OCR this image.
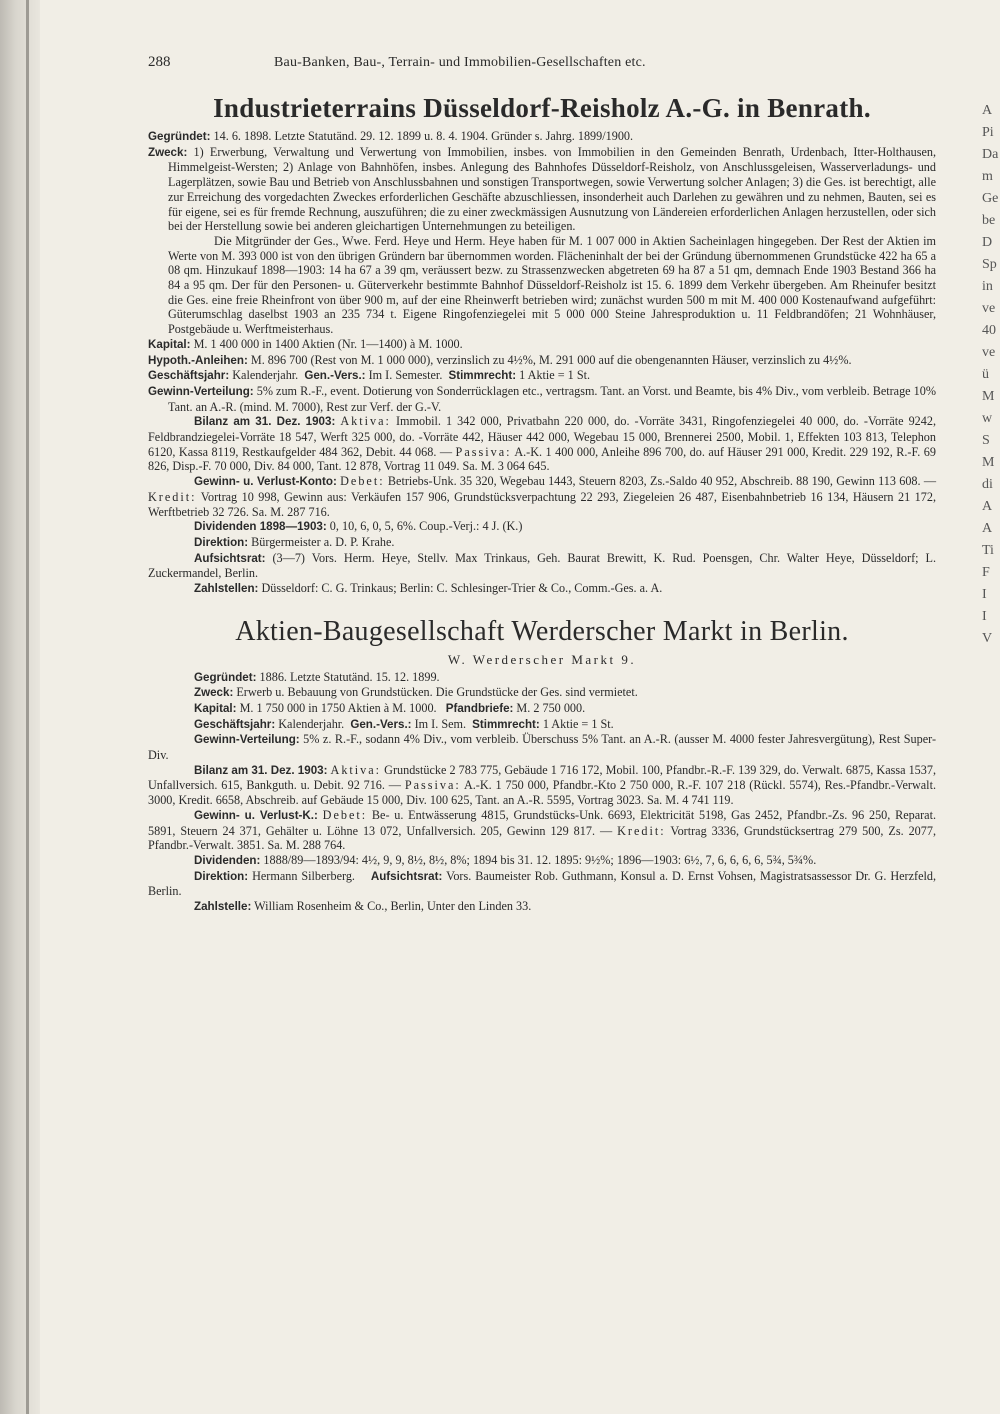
A
Pi
Da
m
Ge
be
D
Sp
in
ve
40
ve
ü
M
w
S
M
di
A
A
Ti
F
I
I
V
288	Bau-Banken, Bau-, Terrain- und Immobilien-Gesellschaften etc.
Industrieterrains Düsseldorf-Reisholz A.-G. in Benrath.

Gegründet: 14. 6. 1898. Letzte Statutänd. 29. 12. 1899 u. 8. 4. 1904. Gründer s. Jahrg. 1899/1900.

Zweck: 1) Erwerbung, Verwaltung und Verwertung von Immobilien, insbes. von Immobilien in den Gemeinden Benrath, Urdenbach, Itter-Holthausen, Himmelgeist-Wersten; 2) Anlage von Bahnhöfen, insbes. Anlegung des Bahnhofes Düsseldorf-Reisholz, von Anschlussgeleisen, Wasserverladungs- und Lagerplätzen, sowie Bau und Betrieb von Anschlussbahnen und sonstigen Transportwegen, sowie Verwertung solcher Anlagen; 3) die Ges. ist berechtigt, alle zur Erreichung des vorgedachten Zweckes erforderlichen Geschäfte abzuschliessen, insonderheit auch Darlehen zu gewähren und zu nehmen, Bauten, sei es für eigene, sei es für fremde Rechnung, auszuführen; die zu einer zweckmässigen Ausnutzung von Ländereien erforderlichen Anlagen herzustellen, oder sich bei der Herstellung sowie bei anderen gleichartigen Unternehmungen zu beteiligen.

Die Mitgründer der Ges., Wwe. Ferd. Heye und Herm. Heye haben für M. 1 007 000 in Aktien Sacheinlagen hingegeben. Der Rest der Aktien im Werte von M. 393 000 ist von den übrigen Gründern bar übernommen worden. Flächeninhalt der bei der Gründung übernommenen Grundstücke 422 ha 65 a 08 qm. Hinzukauf 1898—1903: 14 ha 67 a 39 qm, veräussert bezw. zu Strassenzwecken abgetreten 69 ha 87 a 51 qm, demnach Ende 1903 Bestand 366 ha 84 a 95 qm. Der für den Personen- u. Güterverkehr bestimmte Bahnhof Düsseldorf-Reisholz ist 15. 6. 1899 dem Verkehr übergeben. Am Rheinufer besitzt die Ges. eine freie Rheinfront von über 900 m, auf der eine Rheinwerft betrieben wird; zunächst wurden 500 m mit M. 400 000 Kostenaufwand aufgeführt: Güterumschlag daselbst 1903 an 235 734 t. Eigene Ringofenziegelei mit 5 000 000 Steine Jahresproduktion u. 11 Feldbrandöfen; 21 Wohnhäuser, Postgebäude u. Werftmeisterhaus.

Kapital: M. 1 400 000 in 1400 Aktien (Nr. 1—1400) à M. 1000.

Hypoth.-Anleihen: M. 896 700 (Rest von M. 1 000 000), verzinslich zu 4½%, M. 291 000 auf die obengenannten Häuser, verzinslich zu 4½%.

Geschäftsjahr: Kalenderjahr. Gen.-Vers.: Im I. Semester. Stimmrecht: 1 Aktie = 1 St.

Gewinn-Verteilung: 5% zum R.-F., event. Dotierung von Sonderrücklagen etc., vertragsm. Tant. an Vorst. und Beamte, bis 4% Div., vom verbleib. Betrage 10% Tant. an A.-R. (mind. M. 7000), Rest zur Verf. der G.-V.

Bilanz am 31. Dez. 1903: Aktiva: Immobil. 1 342 000, Privatbahn 220 000, do. -Vorräte 3431, Ringofenziegelei 40 000, do. -Vorräte 9242, Feldbrandziegelei-Vorräte 18 547, Werft 325 000, do. -Vorräte 442, Häuser 442 000, Wegebau 15 000, Brennerei 2500, Mobil. 1, Effekten 103 813, Telephon 6120, Kassa 8119, Restkaufgelder 484 362, Debit. 44 068. — Passiva: A.-K. 1 400 000, Anleihe 896 700, do. auf Häuser 291 000, Kredit. 229 192, R.-F. 69 826, Disp.-F. 70 000, Div. 84 000, Tant. 12 878, Vortrag 11 049. Sa. M. 3 064 645.

Gewinn- u. Verlust-Konto: Debet: Betriebs-Unk. 35 320, Wegebau 1443, Steuern 8203, Zs.-Saldo 40 952, Abschreib. 88 190, Gewinn 113 608. — Kredit: Vortrag 10 998, Gewinn aus: Verkäufen 157 906, Grundstücksverpachtung 22 293, Ziegeleien 26 487, Eisenbahnbetrieb 16 134, Häusern 21 172, Werftbetrieb 32 726. Sa. M. 287 716.

Dividenden 1898—1903: 0, 10, 6, 0, 5, 6%. Coup.-Verj.: 4 J. (K.)

Direktion: Bürgermeister a. D. P. Krahe.

Aufsichtsrat: (3—7) Vors. Herm. Heye, Stellv. Max Trinkaus, Geh. Baurat Brewitt, K. Rud. Poensgen, Chr. Walter Heye, Düsseldorf; L. Zuckermandel, Berlin.

Zahlstellen: Düsseldorf: C. G. Trinkaus; Berlin: C. Schlesinger-Trier & Co., Comm.-Ges. a. A.

Aktien-Baugesellschaft Werderscher Markt in Berlin.
W. Werderscher Markt 9.

Gegründet: 1886. Letzte Statutänd. 15. 12. 1899.

Zweck: Erwerb u. Bebauung von Grundstücken. Die Grundstücke der Ges. sind vermietet.

Kapital: M. 1 750 000 in 1750 Aktien à M. 1000. Pfandbriefe: M. 2 750 000.

Geschäftsjahr: Kalenderjahr. Gen.-Vers.: Im I. Sem. Stimmrecht: 1 Aktie = 1 St.

Gewinn-Verteilung: 5% z. R.-F., sodann 4% Div., vom verbleib. Überschuss 5% Tant. an A.-R. (ausser M. 4000 fester Jahresvergütung), Rest Super-Div.

Bilanz am 31. Dez. 1903: Aktiva: Grundstücke 2 783 775, Gebäude 1 716 172, Mobil. 100, Pfandbr.-R.-F. 139 329, do. Verwalt. 6875, Kassa 1537, Unfallversich. 615, Bankguth. u. Debit. 92 716. — Passiva: A.-K. 1 750 000, Pfandbr.-Kto 2 750 000, R.-F. 107 218 (Rückl. 5574), Res.-Pfandbr.-Verwalt. 3000, Kredit. 6658, Abschreib. auf Gebäude 15 000, Div. 100 625, Tant. an A.-R. 5595, Vortrag 3023. Sa. M. 4 741 119.

Gewinn- u. Verlust-K.: Debet: Be- u. Entwässerung 4815, Grundstücks-Unk. 6693, Elektricität 5198, Gas 2452, Pfandbr.-Zs. 96 250, Reparat. 5891, Steuern 24 371, Gehälter u. Löhne 13 072, Unfallversich. 205, Gewinn 129 817. — Kredit: Vortrag 3336, Grundstücksertrag 279 500, Zs. 2077, Pfandbr.-Verwalt. 3851. Sa. M. 288 764.

Dividenden: 1888/89—1893/94: 4½, 9, 9, 8½, 8½, 8%; 1894 bis 31. 12. 1895: 9½%; 1896—1903: 6½, 7, 6, 6, 6, 6, 5¾, 5¾%.

Direktion: Hermann Silberberg. Aufsichtsrat: Vors. Baumeister Rob. Guthmann, Konsul a. D. Ernst Vohsen, Magistratsassessor Dr. G. Herzfeld, Berlin.

Zahlstelle: William Rosenheim & Co., Berlin, Unter den Linden 33.
